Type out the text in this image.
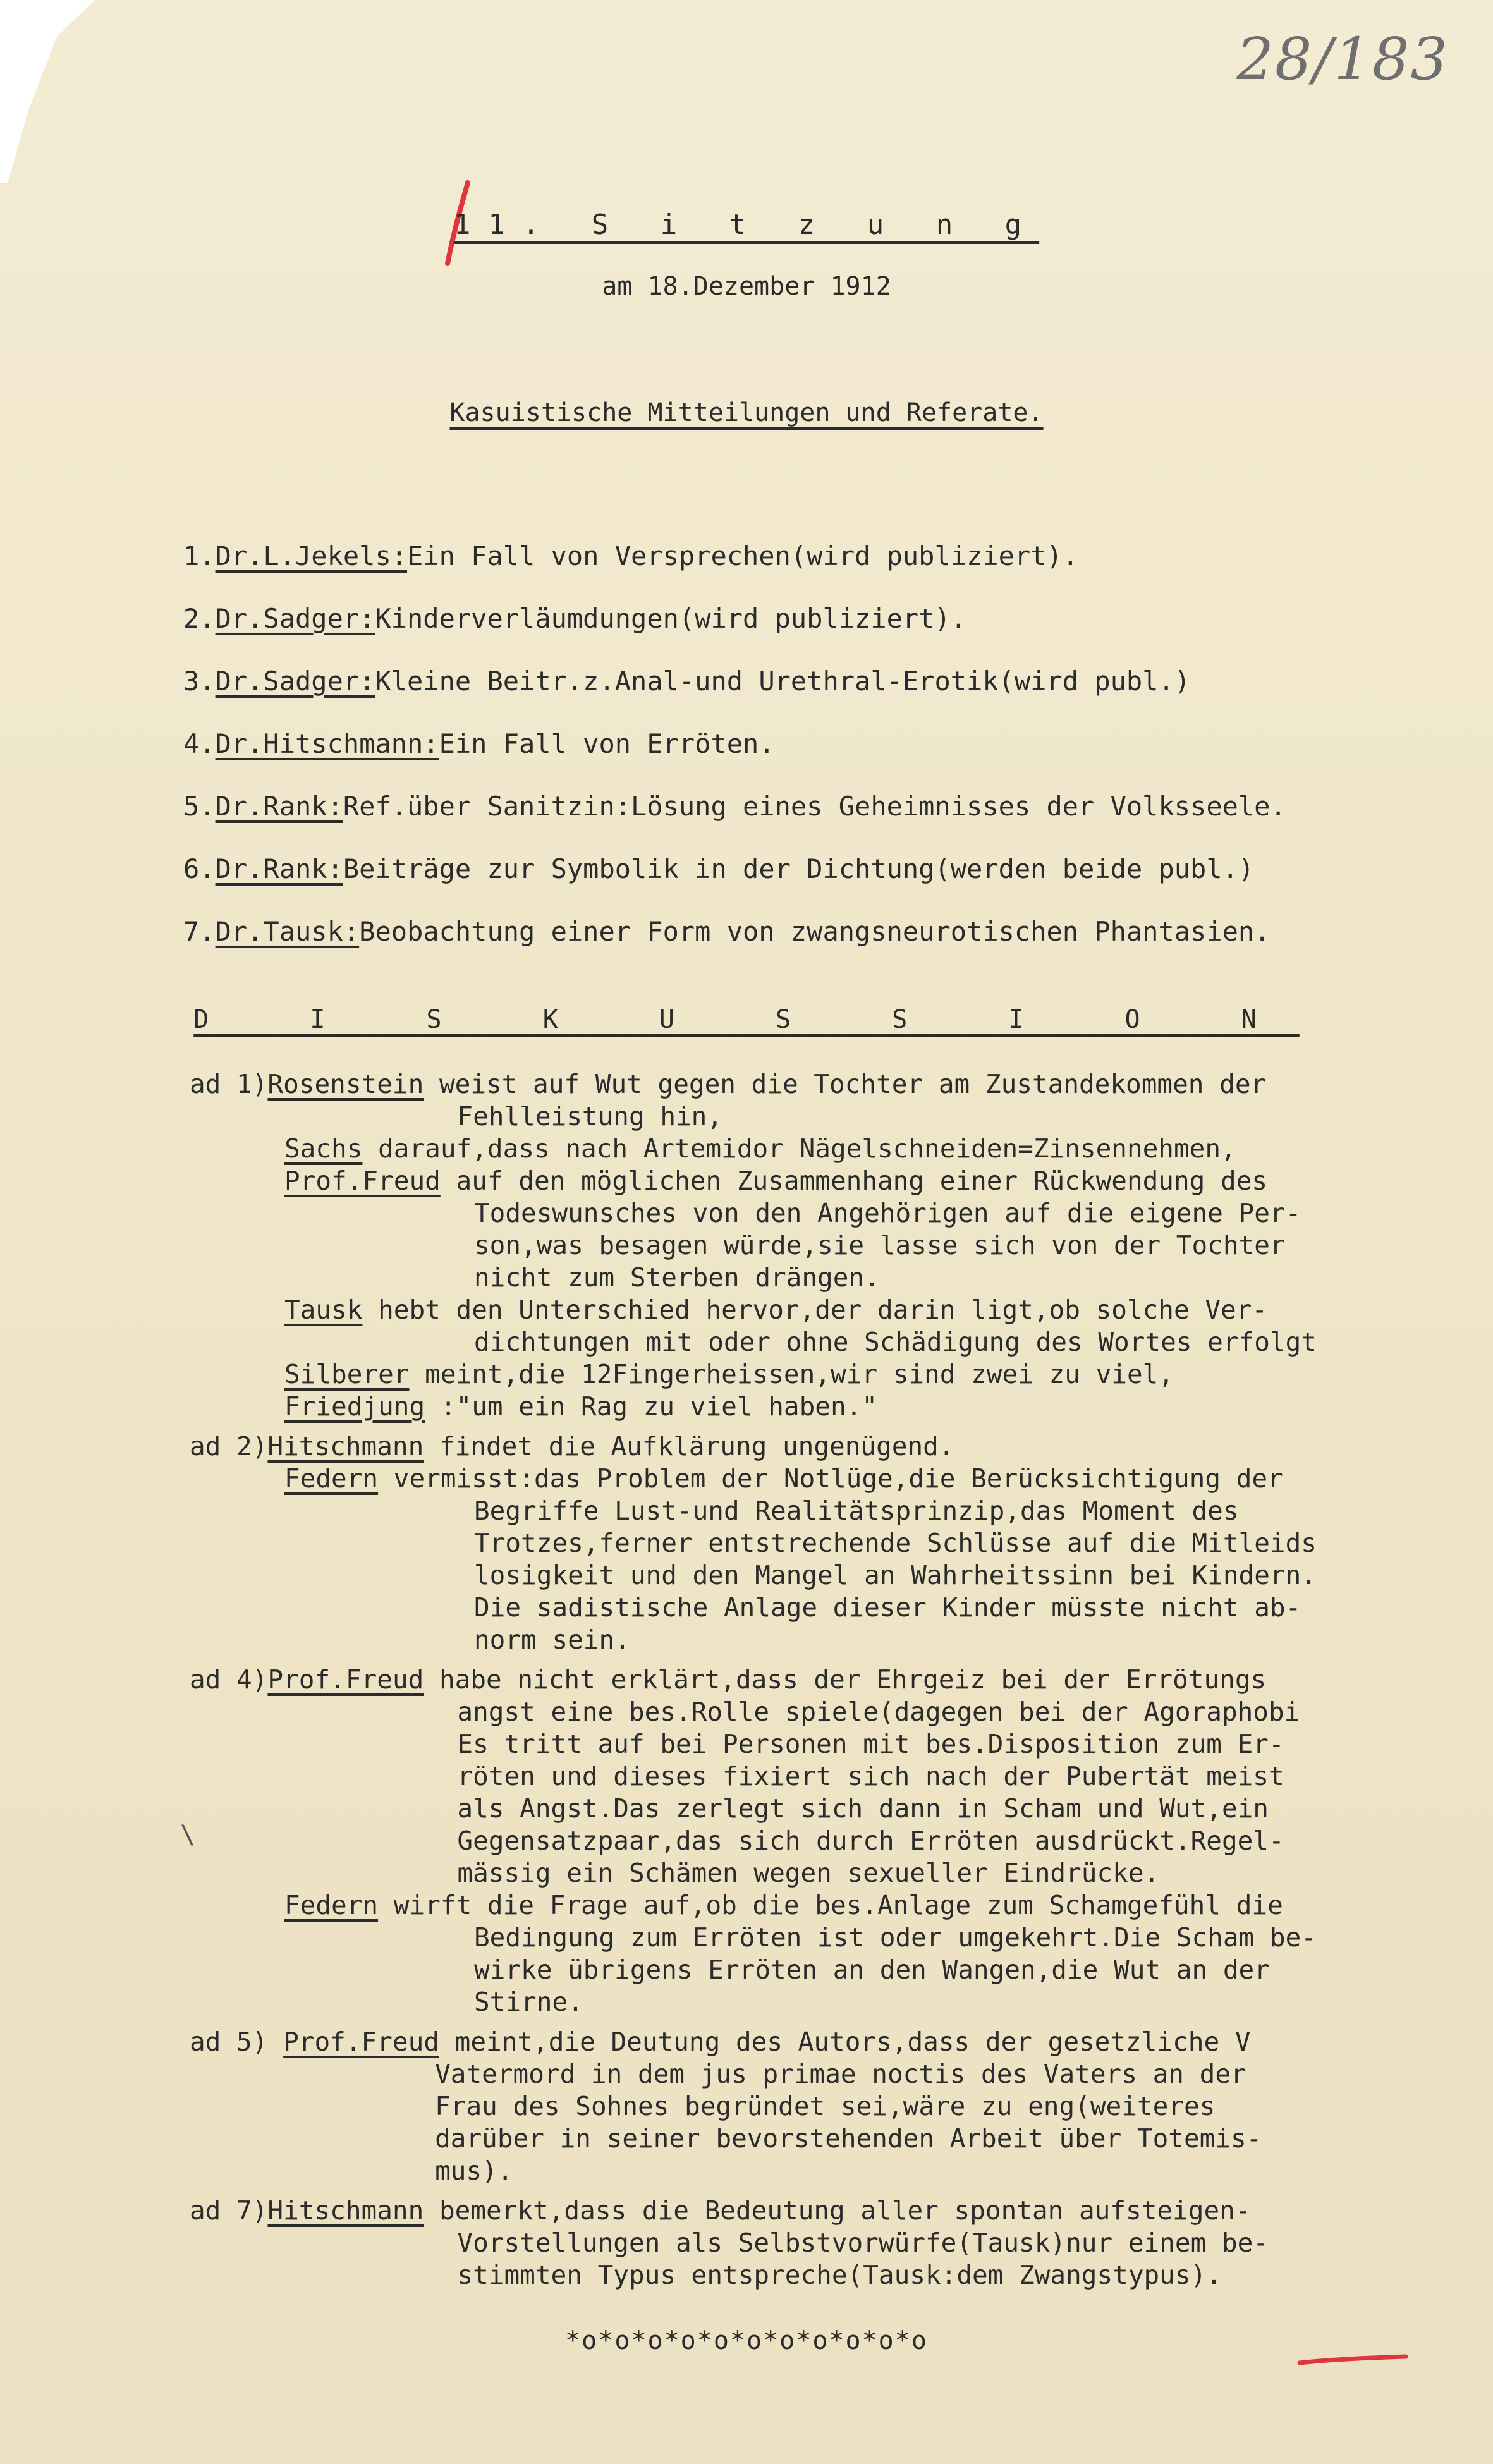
28/183
11. S i t z u n g
am 18.Dezember 1912
Kasuistische Mitteilungen und Referate.
1.Dr.L.Jekels:Ein Fall von Versprechen(wird publiziert).
2.Dr.Sadger:Kinderverläumdungen(wird publiziert).
3.Dr.Sadger:Kleine Beitr.z.Anal-und Urethral-Erotik(wird publ.)
4.Dr.Hitschmann:Ein Fall von Erröten.
5.Dr.Rank:Ref.über Sanitzin:Lösung eines Geheimnisses der Volksseele.
6.Dr.Rank:Beiträge zur Symbolik in der Dichtung(werden beide publ.)
7.Dr.Tausk:Beobachtung einer Form von zwangsneurotischen Phantasien.
D I S K U S S I O N
\
ad 1) Rosenstein weist auf Wut gegen die Tochter am Zustandekommen der
Fehlleistung hin,
Sachs darauf,dass nach Artemidor Nägelschneiden=Zinsennehmen,
Prof.Freud auf den möglichen Zusammenhang einer Rückwendung des
Todeswunsches von den Angehörigen auf die eigene Per-
son,was besagen würde,sie lasse sich von der Tochter
nicht zum Sterben drängen.
Tausk hebt den Unterschied hervor,der darin ligt,ob solche Ver-
dichtungen mit oder ohne Schädigung des Wortes erfolgt
Silberer meint,die 12Fingerheissen,wir sind zwei zu viel,
Friedjung :"um ein Rag zu viel haben."
ad 2) Hitschmann findet die Aufklärung ungenügend.
Federn vermisst:das Problem der Notlüge,die Berücksichtigung der
Begriffe Lust-und Realitätsprinzip,das Moment des
Trotzes,ferner entstrechende Schlüsse auf die Mitleids
losigkeit und den Mangel an Wahrheitssinn bei Kindern.
Die sadistische Anlage dieser Kinder müsste nicht ab-
norm sein.
ad 4) Prof.Freud habe nicht erklärt,dass der Ehrgeiz bei der Errötungs
angst eine bes.Rolle spiele(dagegen bei der Agoraphobi
Es tritt auf bei Personen mit bes.Disposition zum Er-
röten und dieses fixiert sich nach der Pubertät meist
als Angst.Das zerlegt sich dann in Scham und Wut,ein
Gegensatzpaar,das sich durch Erröten ausdrückt.Regel-
mässig ein Schämen wegen sexueller Eindrücke.
Federn wirft die Frage auf,ob die bes.Anlage zum Schamgefühl die
Bedingung zum Erröten ist oder umgekehrt.Die Scham be-
wirke übrigens Erröten an den Wangen,die Wut an der
Stirne.
ad 5) Prof.Freud meint,die Deutung des Autors,dass der gesetzliche V
Vatermord in dem jus primae noctis des Vaters an der
Frau des Sohnes begründet sei,wäre zu eng(weiteres
darüber in seiner bevorstehenden Arbeit über Totemis-
mus).
ad 7) Hitschmann bemerkt,dass die Bedeutung aller spontan aufsteigen-
Vorstellungen als Selbstvorwürfe(Tausk)nur einem be-
stimmten Typus entspreche(Tausk:dem Zwangstypus).
*o*o*o*o*o*o*o*o*o*o*o
